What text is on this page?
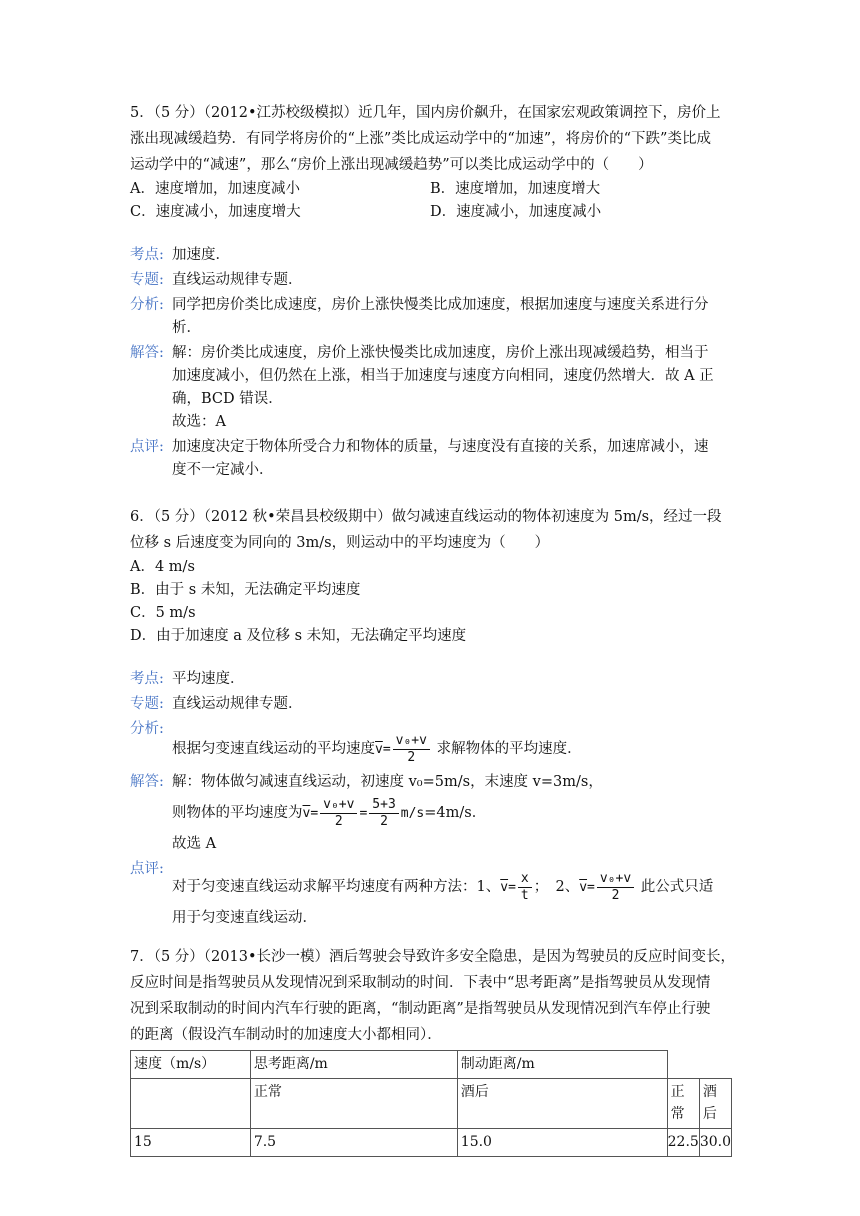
5．（5 分）（2012•江苏校级模拟）近几年，国内房价飙升，在国家宏观政策调控下，房价上
涨出现减缓趋势．有同学将房价的“上涨”类比成运动学中的“加速”，将房价的“下跌”类比成
运动学中的“减速”，那么“房价上涨出现减缓趋势”可以类比成运动学中的（　　）
A．速度增加，加速度减小	B．速度增加，加速度增大
C．速度减小，加速度增大	D．速度减小，加速度减小
考点: 加速度．
专题: 直线运动规律专题．
分析: 同学把房价类比成速度，房价上涨快慢类比成加速度，根据加速度与速度关系进行分
析．
解答: 解：房价类比成速度，房价上涨快慢类比成加速度，房价上涨出现减缓趋势，相当于
加速度减小，但仍然在上涨，相当于加速度与速度方向相同，速度仍然增大．故 A 正
确，BCD 错误．
故选：A
点评: 加速度决定于物体所受合力和物体的质量，与速度没有直接的关系，加速席减小，速
度不一定减小．
6．（5 分）（2012 秋•荣昌县校级期中）做匀减速直线运动的物体初速度为 5m/s，经过一段
位移 s 后速度变为同向的 3m/s，则运动中的平均速度为（　　）
A．4 m/s
B．由于 s 未知，无法确定平均速度
C．5 m/s
D．由于加速度 a 及位移 s 未知，无法确定平均速度
考点: 平均速度．
专题: 直线运动规律专题．
分析:
根据匀变速直线运动的平均速度$\overline{v}= \frac{\text{v₀+v}}{2}$ 求解物体的平均速度．
解答: 解：物体做匀减速直线运动，初速度 v₀=5m/s，末速度 v=3m/s，
则物体的平均速度为$\overline{v}= \frac{\text{v₀+v}}{2} = \frac{5+3}{2} m/s=4m/s$．
故选 A
点评:
对于匀变速直线运动求解平均速度有两种方法：1、$\overline{v}= \frac{x}{t}$ ；　2、$\overline{v}= \frac{\text{v₀+v}}{2}$ 此公式只适
用于匀变速直线运动．
7．（5 分）（2013•长沙一模）酒后驾驶会导致许多安全隐患，是因为驾驶员的反应时间变长，
反应时间是指驾驶员从发现情况到采取制动的时间．下表中“思考距离”是指驾驶员从发现情
况到采取制动的时间内汽车行驶的距离，“制动距离”是指驾驶员从发现情况到汽车停止行驶
的距离（假设汽车制动时的加速度大小都相同）．
速度（m/s）	思考距离/m	制动距离/m		
	正常	酒后	正常	酒后
15	7.5	15.0	22.5	30.0
